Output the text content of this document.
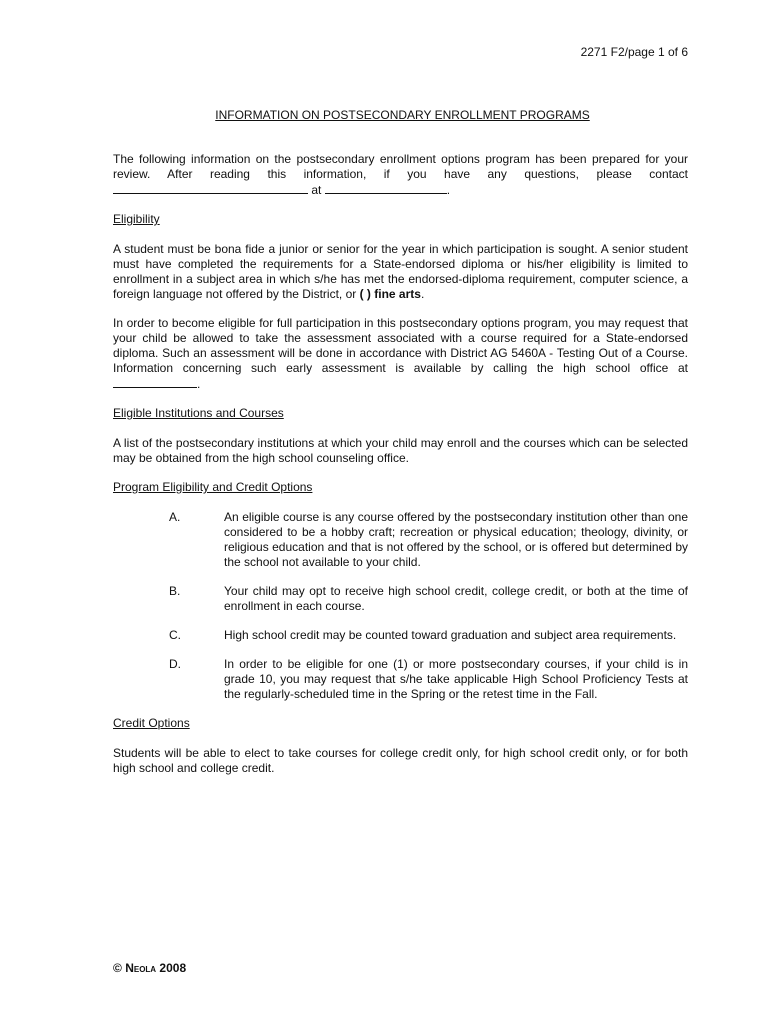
2271 F2/page 1 of 6
INFORMATION ON POSTSECONDARY ENROLLMENT PROGRAMS

The following information on the postsecondary enrollment options program has been prepared for your review. After reading this information, if you have any questions, please contact  at	.

Eligibility

A student must be bona fide a junior or senior for the year in which participation is sought. A senior student must have completed the requirements for a State-endorsed diploma or his/her eligibility is limited to enrollment in a subject area in which s/he has met the endorsed-diploma requirement, computer science, a foreign language not offered by the District, or ( ) fine arts.

In order to become eligible for full participation in this postsecondary options program, you may request that your child be allowed to take the assessment associated with a course required for a State-endorsed diploma. Such an assessment will be done in accordance with District AG 5460A - Testing Out of a Course. Information concerning such early assessment is available by calling the high school office at .

Eligible Institutions and Courses

A list of the postsecondary institutions at which your child may enroll and the courses which can be selected may be obtained from the high school counseling office.

Program Eligibility and Credit Options
A.	An eligible course is any course offered by the postsecondary institution other than one considered to be a hobby craft; recreation or physical education; theology, divinity, or religious education and that is not offered by the school, or is offered but determined by the school not available to your child.
B.	Your child may opt to receive high school credit, college credit, or both at the time of enrollment in each course.
C.	High school credit may be counted toward graduation and subject area requirements.
D.	In order to be eligible for one (1) or more postsecondary courses, if your child is in grade 10, you may request that s/he take applicable High School Proficiency Tests at the regularly-scheduled time in the Spring or the retest time in the Fall.
Credit Options

Students will be able to elect to take courses for college credit only, for high school credit only, or for both high school and college credit.

© Neola 2008
